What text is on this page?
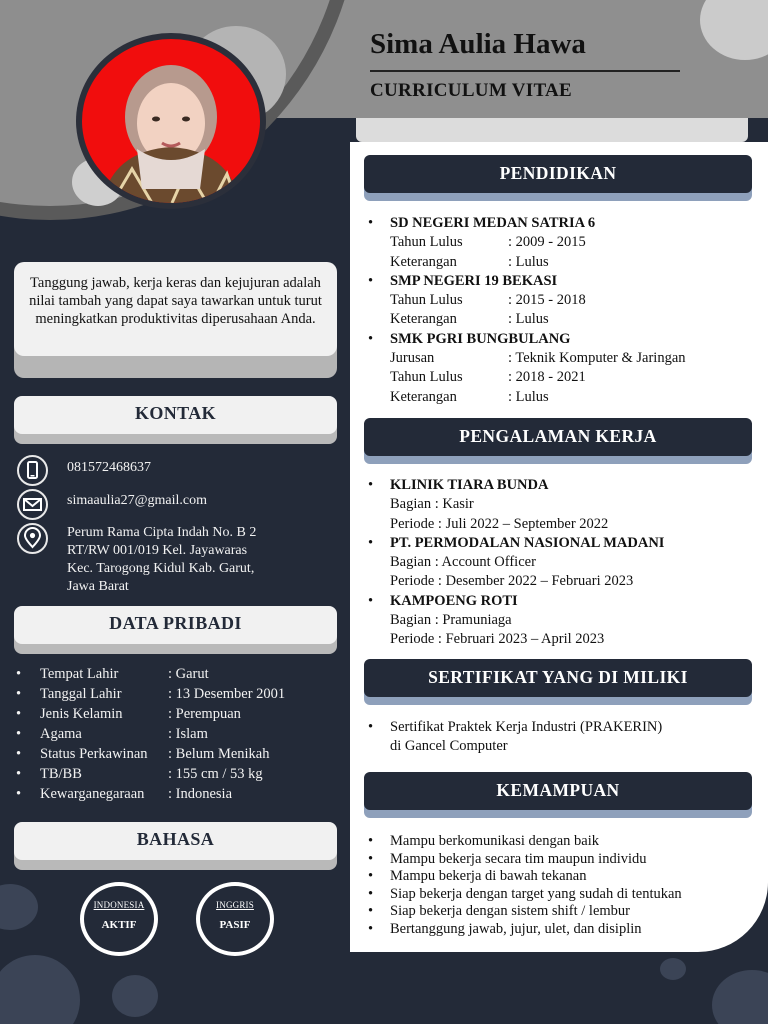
Sima Aulia Hawa
CURRICULUM VITAE
Tanggung jawab, kerja keras dan kejujuran adalah nilai tambah yang dapat saya tawarkan untuk turut meningkatkan produktivitas diperusahaan Anda.
KONTAK
081572468637
simaaulia27@gmail.com
Perum Rama Cipta Indah No. B 2
RT/RW 001/019 Kel. Jayawaras
Kec. Tarogong Kidul Kab. Garut,
Jawa Barat
DATA PRIBADI
•	Tempat Lahir	: Garut
•	Tanggal Lahir	: 13 Desember 2001
•	Jenis Kelamin	: Perempuan
•	Agama	: Islam
•	Status Perkawinan	: Belum Menikah
•	TB/BB	: 155 cm / 53 kg
•	Kewarganegaraan	: Indonesia
BAHASA
INDONESIA
AKTIF
INGGRIS
PASIF
PENDIDIKAN
•	SD NEGERI MEDAN SATRIA 6
Tahun Lulus	: 2009 - 2015
Keterangan	: Lulus
•	SMP NEGERI 19 BEKASI
Tahun Lulus	: 2015 - 2018
Keterangan	: Lulus
•	SMK PGRI BUNGBULANG
Jurusan	: Teknik Komputer & Jaringan
Tahun Lulus	: 2018 - 2021
Keterangan	: Lulus
PENGALAMAN KERJA
•	KLINIK TIARA BUNDA
Bagian : Kasir
Periode : Juli 2022 – September 2022
•	PT. PERMODALAN NASIONAL MADANI
Bagian : Account Officer
Periode : Desember 2022 – Februari 2023
•	KAMPOENG ROTI
Bagian : Pramuniaga
Periode : Februari 2023 – April 2023
SERTIFIKAT YANG DI MILIKI
•	Sertifikat Praktek Kerja Industri (PRAKERIN)
di Gancel Computer
KEMAMPUAN
•	Mampu berkomunikasi dengan baik
•	Mampu bekerja secara tim maupun individu
•	Mampu bekerja di bawah tekanan
•	Siap bekerja dengan target yang sudah di tentukan
•	Siap bekerja dengan sistem shift / lembur
•	Bertanggung jawab, jujur, ulet, dan disiplin
